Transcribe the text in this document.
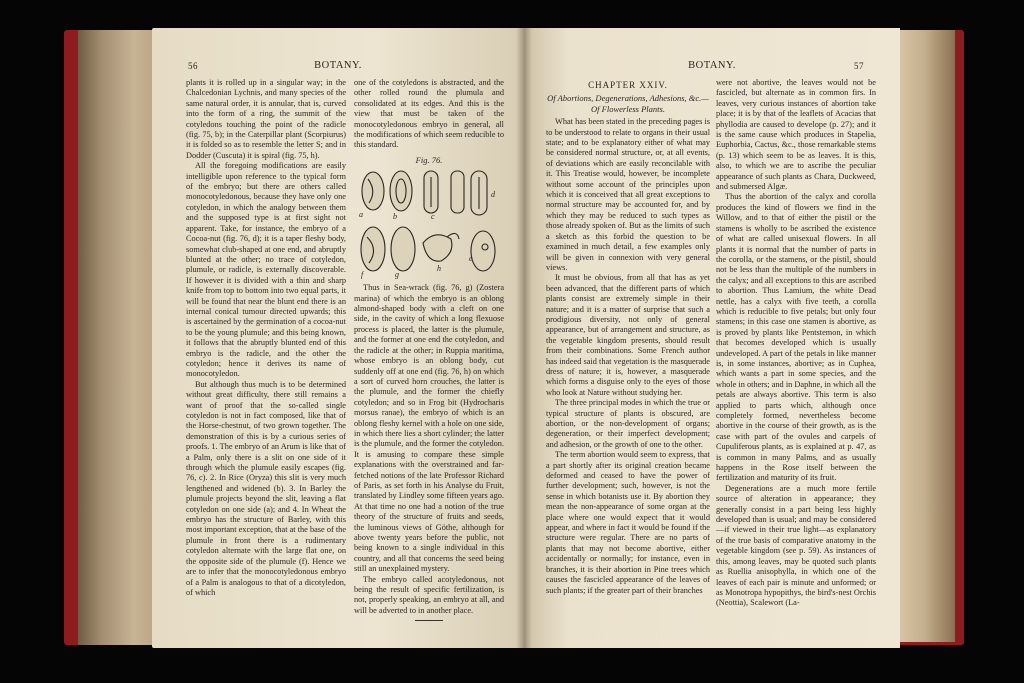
56	BOTANY.

plants it is rolled up in a singular way; in the Chalcedonian Lychnis, and many species of the same natural order, it is annular, that is, curved into the form of a ring, the summit of the cotyledons touching the point of the radicle (fig. 75, b); in the Caterpillar plant (Scorpiurus) it is folded so as to resemble the letter S; and in Dodder (Cuscuta) it is spiral (fig. 75, h).

All the foregoing modifications are easily intelligible upon reference to the typical form of the embryo; but there are others called monocotyledonous, because they have only one cotyledon, in which the analogy between them and the supposed type is at first sight not apparent. Take, for instance, the embryo of a Cocoa-nut (fig. 76, d); it is a taper fleshy body, somewhat club-shaped at one end, and abruptly blunted at the other; no trace of cotyledon, plumule, or radicle, is externally discoverable. If however it is divided with a thin and sharp knife from top to bottom into two equal parts, it will be found that near the blunt end there is an internal conical tumour directed upwards; this is ascertained by the germination of a cocoa-nut to be the young plumule; and this being known, it follows that the abruptly blunted end of this embryo is the radicle, and the other the cotyledon; hence it derives its name of monocotyledon.

But although thus much is to be determined without great difficulty, there still remains a want of proof that the so-called single cotyledon is not in fact composed, like that of the Horse-chestnut, of two grown together. The demonstration of this is by a curious series of proofs. 1. The embryo of an Arum is like that of a Palm, only there is a slit on one side of it through which the plumule easily escapes (fig. 76, c). 2. In Rice (Oryza) this slit is very much lengthened and widened (b). 3. In Barley the plumule projects beyond the slit, leaving a flat cotyledon on one side (a); and 4. In Wheat the embryo has the structure of Barley, with this most important exception, that at the base of the plumule in front there is a rudimentary cotyledon alternate with the large flat one, on the opposite side of the plumule (f). Hence we are to infer that the monocotyledonous embryo of a Palm is analogous to that of a dicotyledon, of which

one of the cotyledons is abstracted, and the other rolled round the plumula and consolidated at its edges. And this is the view that must be taken of the monocotyledonous embryo in general, all the modifications of which seem reducible to this standard.

Fig. 76.
a	b	c
d
f	g
h
e

Thus in Sea-wrack (fig. 76, g) (Zostera marina) of which the embryo is an oblong almond-shaped body with a cleft on one side, in the cavity of which a long flexuose process is placed, the latter is the plumule, and the former at one end the cotyledon, and the radicle at the other; in Ruppia maritima, whose embryo is an oblong body, cut suddenly off at one end (fig. 76, h) on which a sort of curved horn crouches, the latter is the plumule, and the former the chiefly cotyledon; and so in Frog bit (Hydrocharis morsus ranae), the embryo of which is an oblong fleshy kernel with a hole on one side, in which there lies a short cylinder; the latter is the plumule, and the former the cotyledon. It is amusing to compare these simple explanations with the overstrained and far-fetched notions of the late Professor Richard of Paris, as set forth in his Analyse du Fruit, translated by Lindley some fifteen years ago. At that time no one had a notion of the true theory of the structure of fruits and seeds, the luminous views of Göthe, although for above twenty years before the public, not being known to a single individual in this country, and all that concerns the seed being still an unexplained mystery.

The embryo called acotyledonous, not being the result of specific fertilization, is not, properly speaking, an embryo at all, and will be adverted to in another place.

BOTANY.	57
CHAPTER XXIV.
Of Abortions, Degenerations, Adhesions, &c.—Of Flowerless Plants.

What has been stated in the preceding pages is to be understood to relate to organs in their usual state; and to be explanatory either of what may be considered normal structure, or, at all events, of deviations which are easily reconcilable with it. This Treatise would, however, be incomplete without some account of the principles upon which it is conceived that all great exceptions to normal structure may be accounted for, and by which they may be reduced to such types as those already spoken of. But as the limits of such a sketch as this forbid the question to be examined in much detail, a few examples only will be given in connexion with very general views.

It must be obvious, from all that has as yet been advanced, that the different parts of which plants consist are extremely simple in their nature; and it is a matter of surprise that such a prodigious diversity, not only of general appearance, but of arrangement and structure, as the vegetable kingdom presents, should result from their combinations. Some French author has indeed said that vegetation is the masquerade dress of nature; it is, however, a masquerade which forms a disguise only to the eyes of those who look at Nature without studying her.

The three principal modes in which the true or typical structure of plants is obscured, are abortion, or the non-development of organs; degeneration, or their imperfect development; and adhesion, or the growth of one to the other.

The term abortion would seem to express, that a part shortly after its original creation became deformed and ceased to have the power of further development; such, however, is not the sense in which botanists use it. By abortion they mean the non-appearance of some organ at the place where one would expect that it would appear, and where in fact it would be found if the structure were regular. There are no parts of plants that may not become abortive, either accidentally or normally; for instance, even in branches, it is their abortion in Pine trees which causes the fascicled appearance of the leaves of such plants; if the greater part of their branches

were not abortive, the leaves would not be fascicled, but alternate as in common firs. In leaves, very curious instances of abortion take place; it is by that of the leaflets of Acacias that phyllodia are caused to develope (p. 27); and it is the same cause which produces in Stapelia, Euphorbia, Cactus, &c., those remarkable stems (p. 13) which seem to be as leaves. It is this, also, to which we are to ascribe the peculiar appearance of such plants as Chara, Duckweed, and submersed Algæ.

Thus the abortion of the calyx and corolla produces the kind of flowers we find in the Willow, and to that of either the pistil or the stamens is wholly to be ascribed the existence of what are called unisexual flowers. In all plants it is normal that the number of parts in the corolla, or the stamens, or the pistil, should not be less than the multiple of the numbers in the calyx; and all exceptions to this are ascribed to abortion. Thus Lamium, the white Dead nettle, has a calyx with five teeth, a corolla which is reducible to five petals; but only four stamens; in this case one stamen is abortive, as is proved by plants like Pentstemon, in which that becomes developed which is usually undeveloped. A part of the petals in like manner is, in some instances, abortive; as in Cuphea, which wants a part in some species, and the whole in others; and in Daphne, in which all the petals are always abortive. This term is also applied to parts which, although once completely formed, nevertheless become abortive in the course of their growth, as is the case with part of the ovules and carpels of Cupuliferous plants, as is explained at p. 47, as is common in many Palms, and as usually happens in the Rose itself between the fertilization and maturity of its fruit.

Degenerations are a much more fertile source of alteration in appearance; they generally consist in a part being less highly developed than is usual; and may be considered—if viewed in their true light—as explanatory of the true basis of comparative anatomy in the vegetable kingdom (see p. 59). As instances of this, among leaves, may be quoted such plants as Ruellia anisophylla, in which one of the leaves of each pair is minute and unformed; or as Monotropa hypopithys, the bird's-nest Orchis (Neottia), Scalewort (La-
